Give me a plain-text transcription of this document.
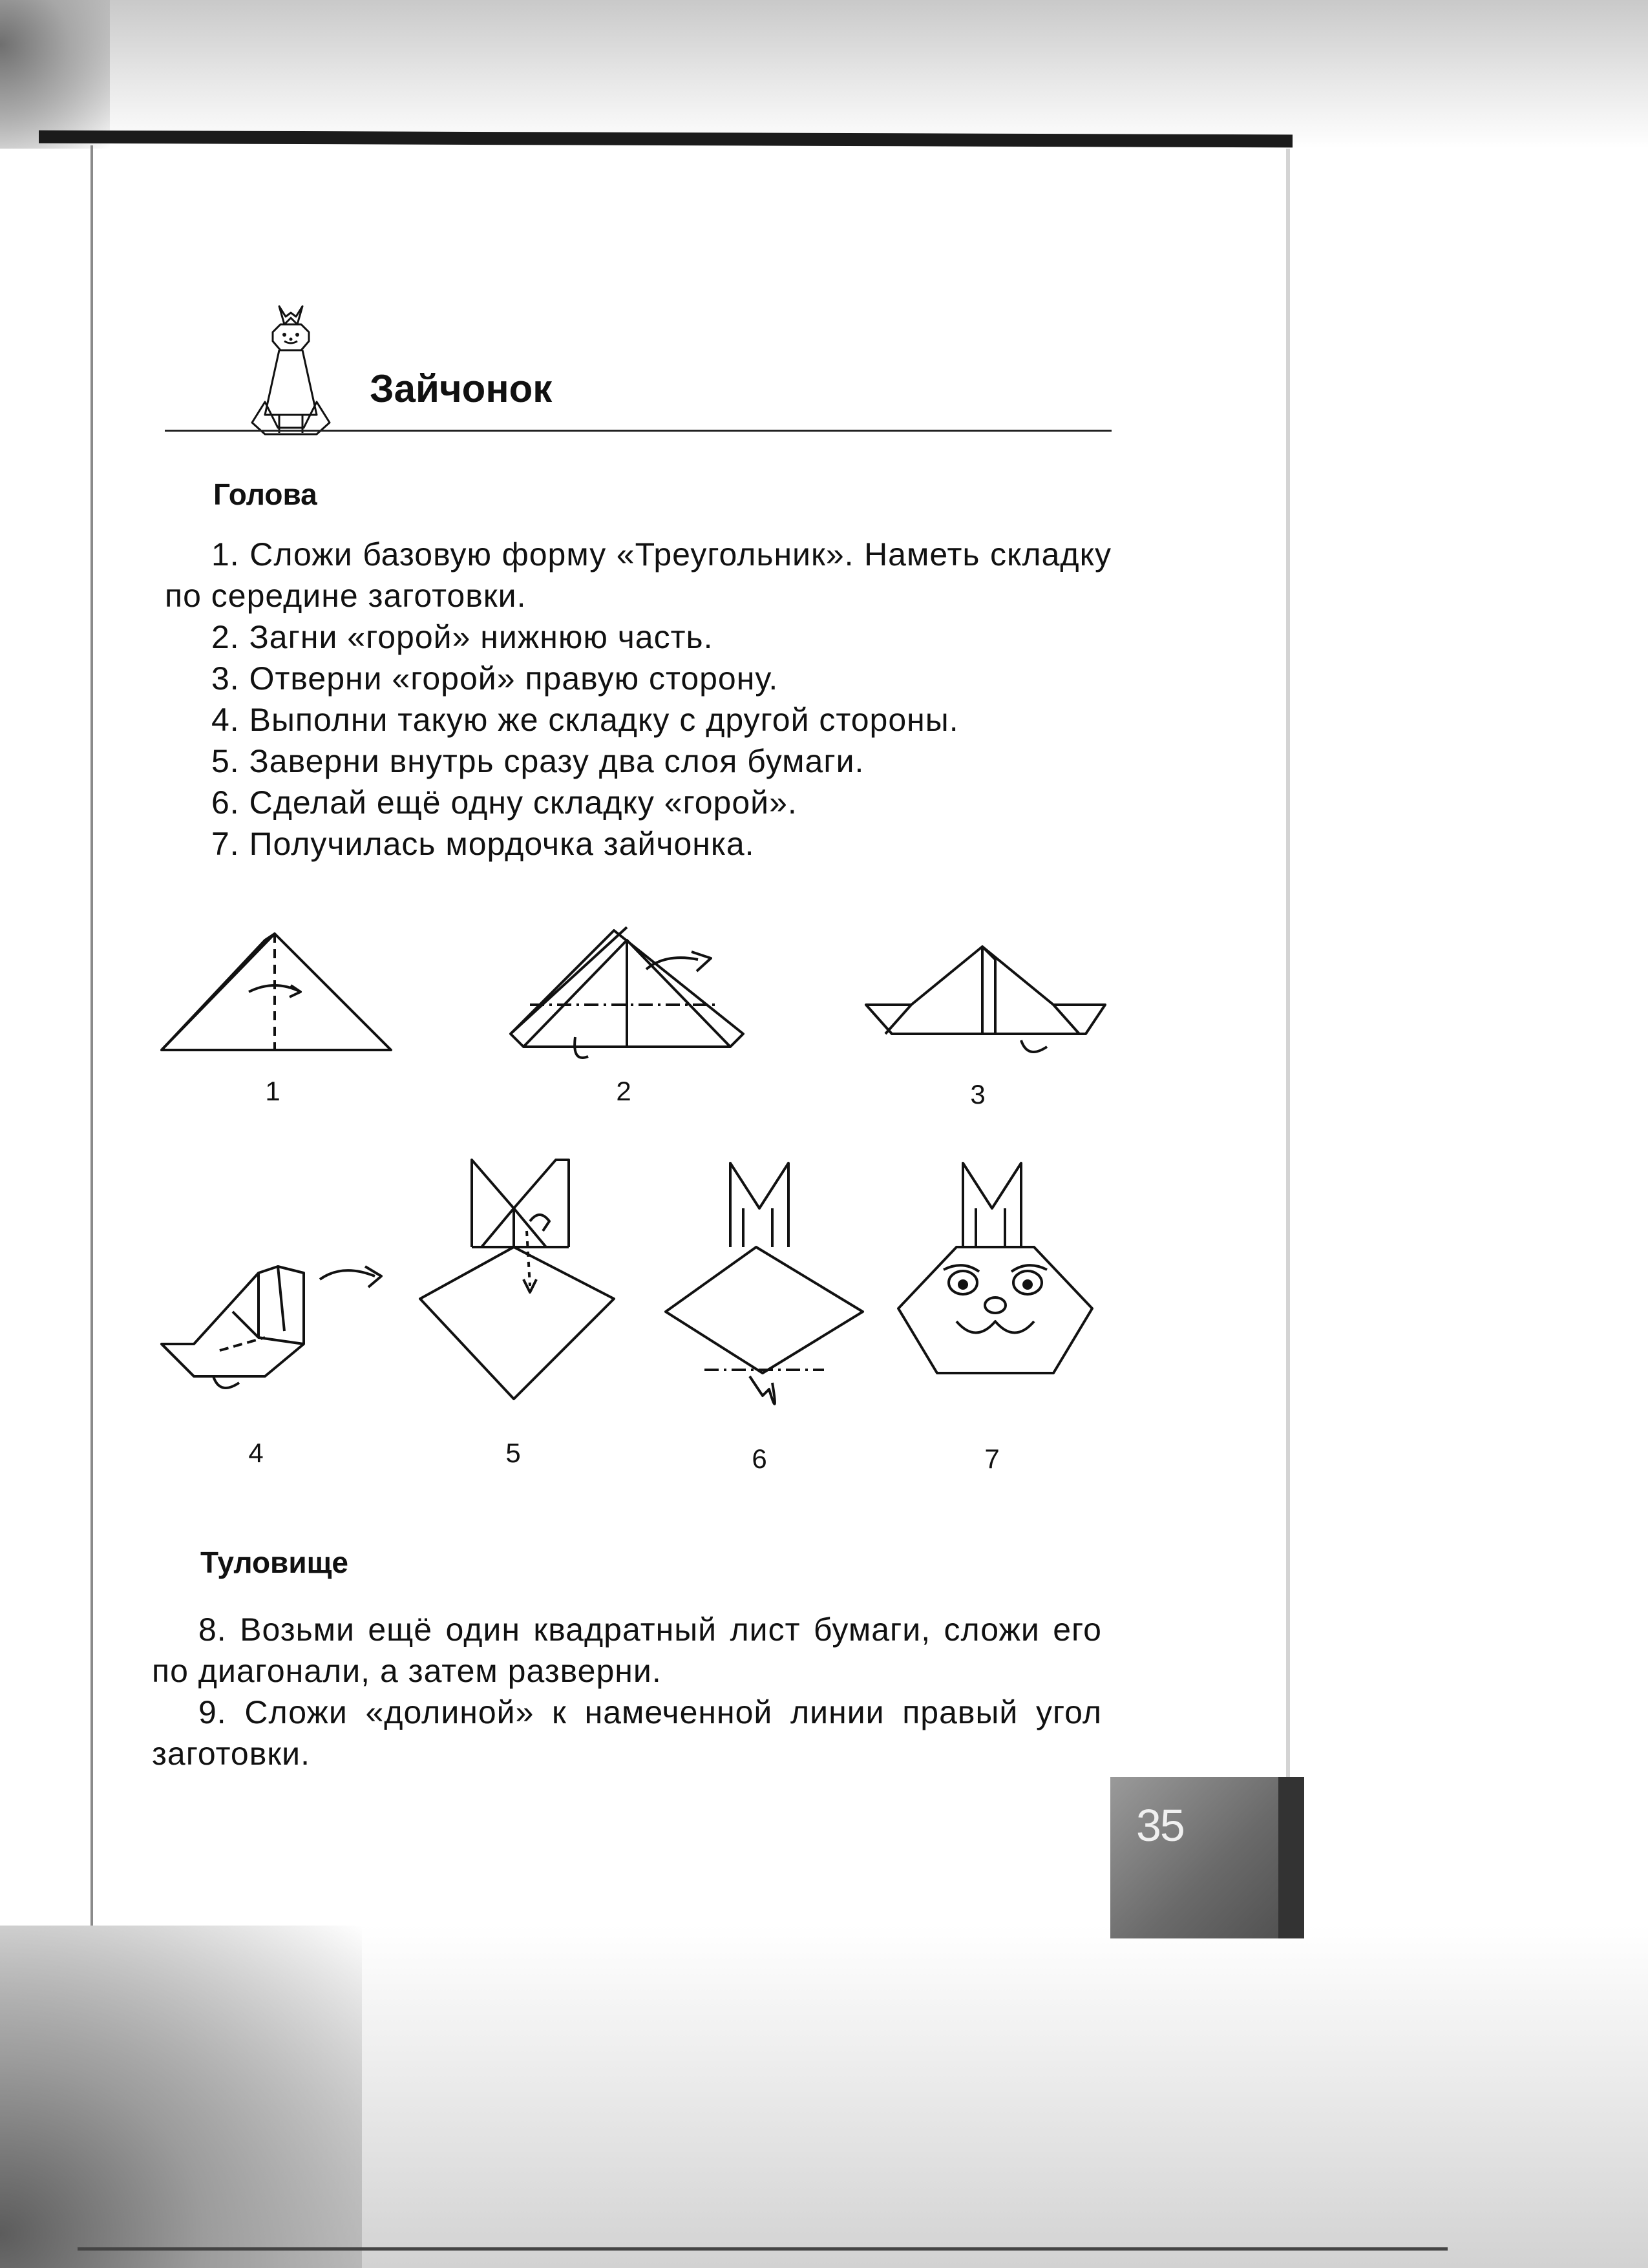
Зайчонок
Голова
1. Сложи базовую форму «Треугольник». Наметь складку по середине заготовки.
2. Загни «горой» нижнюю часть.
3. Отверни «горой» правую сторону.
4. Выполни такую же складку с другой стороны.
5. Заверни внутрь сразу два слоя бумаги.
6. Сделай ещё одну складку «горой».
7. Получилась мордочка зайчонка.
1	2	3
4	5	6	7
Туловище
8. Возьми ещё один квадратный лист бумаги, сложи его по диагонали, а затем разверни.
9. Сложи «долиной» к намеченной линии правый угол заготовки.
35
